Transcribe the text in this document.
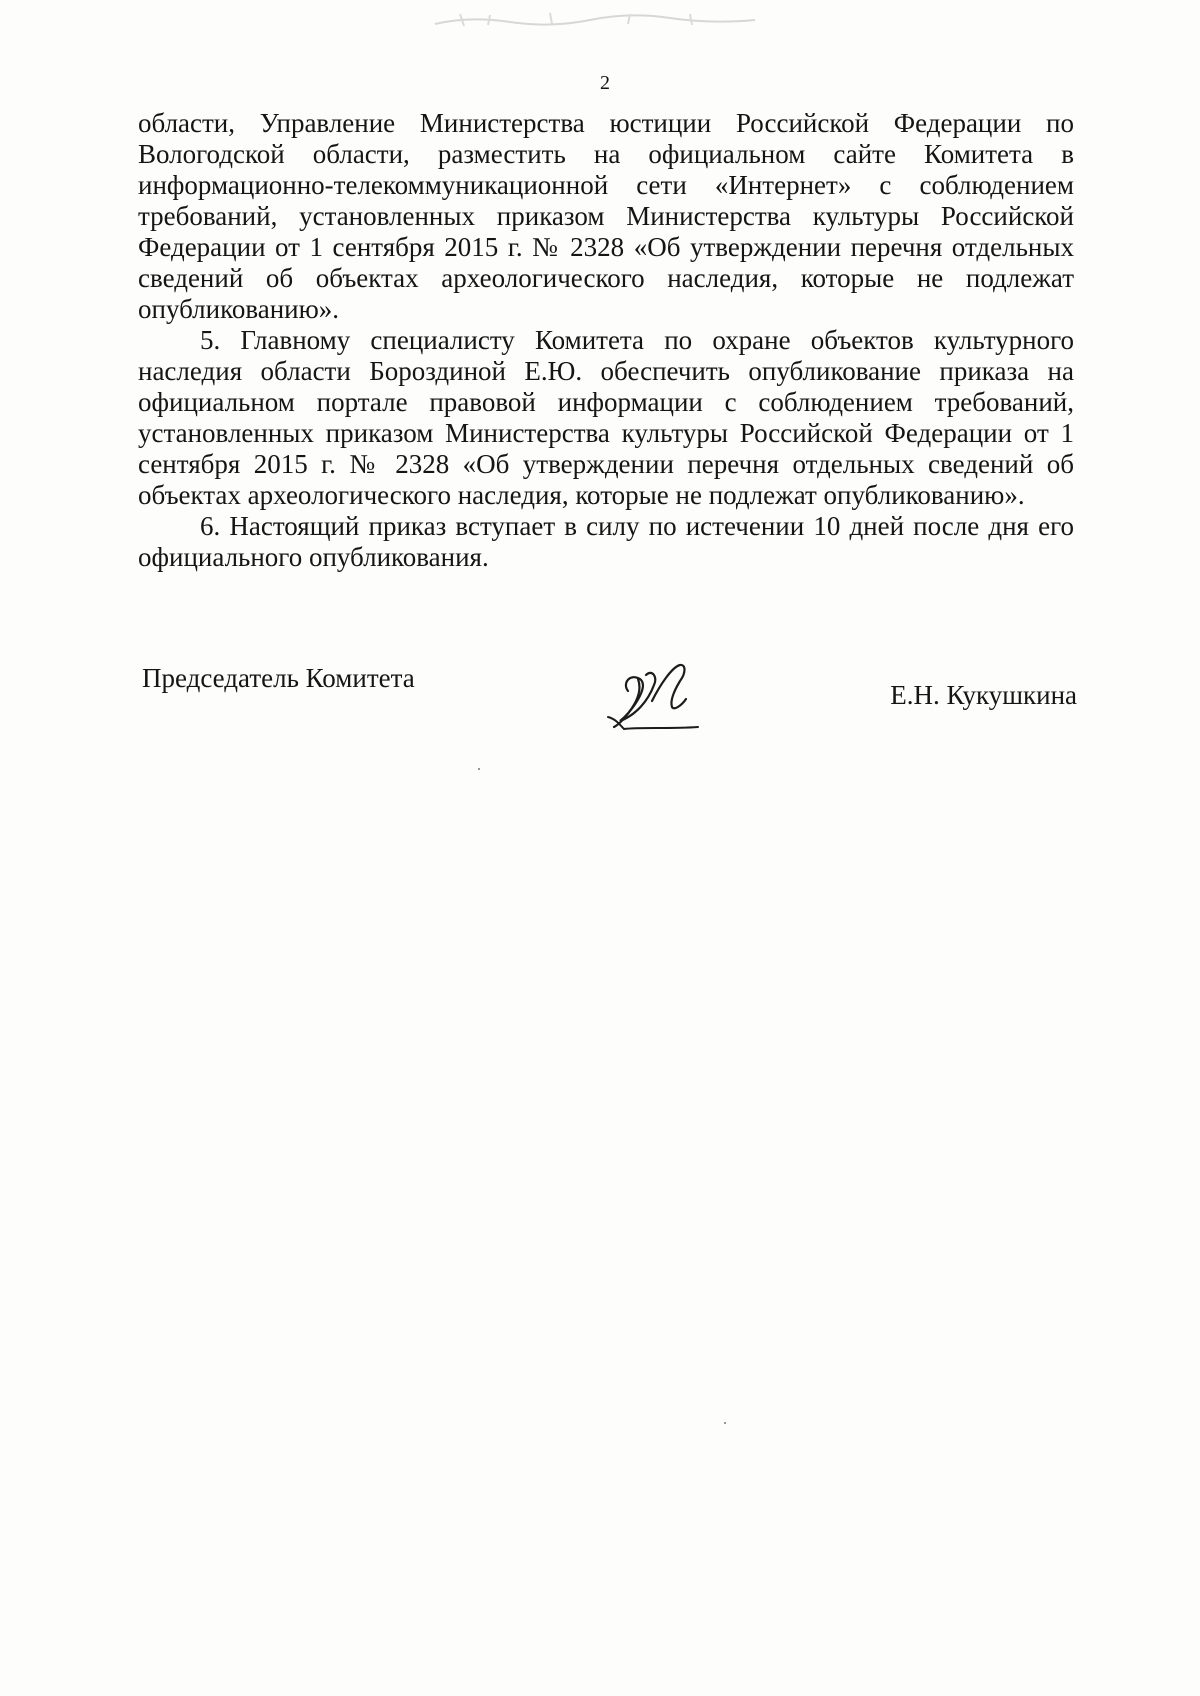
2

области, Управление Министерства юстиции Российской Федерации по Вологодской области, разместить на официальном сайте Комитета в информационно-телекоммуникационной сети «Интернет» с соблюдением требований, установленных приказом Министерства культуры Российской Федерации от 1 сентября 2015 г. № 2328 «Об утверждении перечня отдельных сведений об объектах археологического наследия, которые не подлежат опубликованию».

5. Главному специалисту Комитета по охране объектов культурного наследия области Бороздиной Е.Ю. обеспечить опубликование приказа на официальном портале правовой информации с соблюдением требований, установленных приказом Министерства культуры Российской Федерации от 1 сентября 2015 г. № 2328 «Об утверждении перечня отдельных сведений об объектах археологического наследия, которые не подлежат опубликованию».

6. Настоящий приказ вступает в силу по истечении 10 дней после дня его официального опубликования.

Председатель Комитета
Е.Н. Кукушкина
